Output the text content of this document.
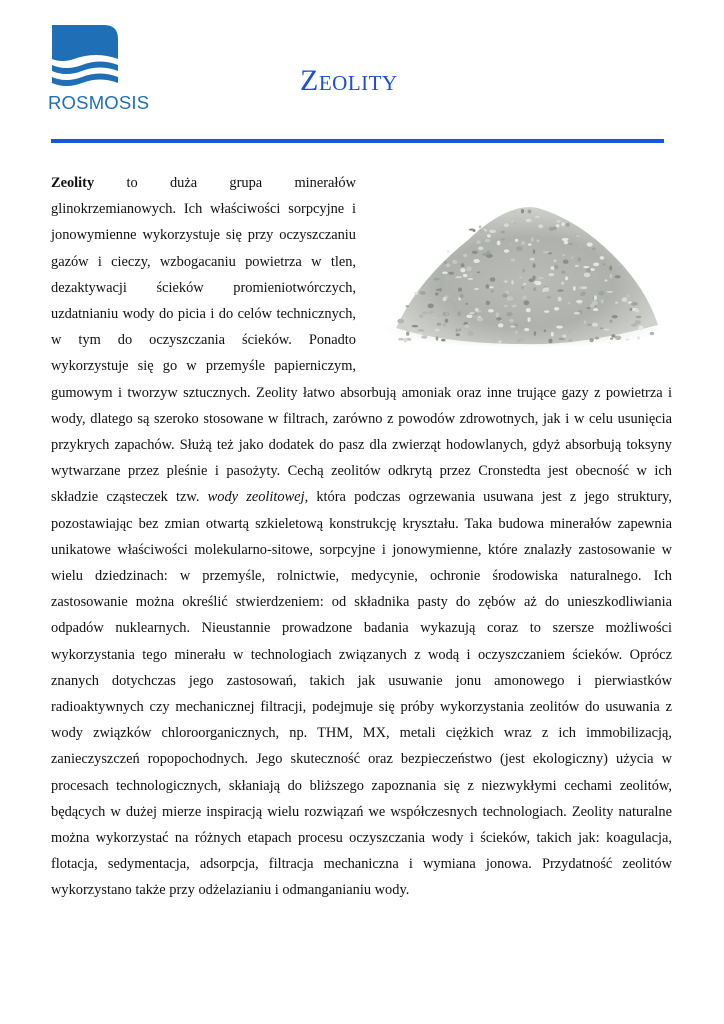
ROSMOSIS
Zeolity
Zeolity to duża grupa minerałów glinokrzemianowych. Ich właściwości sorpcyjne i jonowymienne wykorzystuje się przy oczyszczaniu gazów i cieczy, wzbogacaniu powietrza w tlen, dezaktywacji ścieków promieniotwórczych, uzdatnianiu wody do picia i do celów technicznych, w tym do oczyszczania ścieków. Ponadto wykorzystuje się go w przemyśle papierniczym, gumowym i tworzyw sztucznych. Zeolity łatwo absorbują amoniak oraz inne trujące gazy z powietrza i wody, dlatego są szeroko stosowane w filtrach, zarówno z powodów zdrowotnych, jak i w celu usunięcia przykrych zapachów. Służą też jako dodatek do pasz dla zwierząt hodowlanych, gdyż absorbują toksyny wytwarzane przez pleśnie i pasożyty. Cechą zeolitów odkrytą przez Cronstedta jest obecność w ich składzie cząsteczek tzw. wody zeolitowej, która podczas ogrzewania usuwana jest z jego struktury, pozostawiając bez zmian otwartą szkieletową konstrukcję kryształu. Taka budowa minerałów zapewnia unikatowe właściwości molekularno-sitowe, sorpcyjne i jonowymienne, które znalazły zastosowanie w wielu dziedzinach: w przemyśle, rolnictwie, medycynie, ochronie środowiska naturalnego. Ich zastosowanie można określić stwierdzeniem: od składnika pasty do zębów aż do unieszkodliwiania odpadów nuklearnych. Nieustannie prowadzone badania wykazują coraz to szersze możliwości wykorzystania tego minerału w technologiach związanych z wodą i oczyszczaniem ścieków. Oprócz znanych dotychczas jego zastosowań, takich jak usuwanie jonu amonowego i pierwiastków radioaktywnych czy mechanicznej filtracji, podejmuje się próby wykorzystania zeolitów do usuwania z wody związków chloroorganicznych, np. THM, MX, metali ciężkich wraz z ich immobilizacją, zanieczyszczeń ropopochodnych. Jego skuteczność oraz bezpieczeństwo (jest ekologiczny) użycia w procesach technologicznych, skłaniają do bliższego zapoznania się z niezwykłymi cechami zeolitów, będących w dużej mierze inspiracją wielu rozwiązań we współczesnych technologiach. Zeolity naturalne można wykorzystać na różnych etapach procesu oczyszczania wody i ścieków, takich jak: koagulacja, flotacja, sedymentacja, adsorpcja, filtracja mechaniczna i wymiana jonowa. Przydatność zeolitów wykorzystano także przy odżelazianiu i odmanganianiu wody.
